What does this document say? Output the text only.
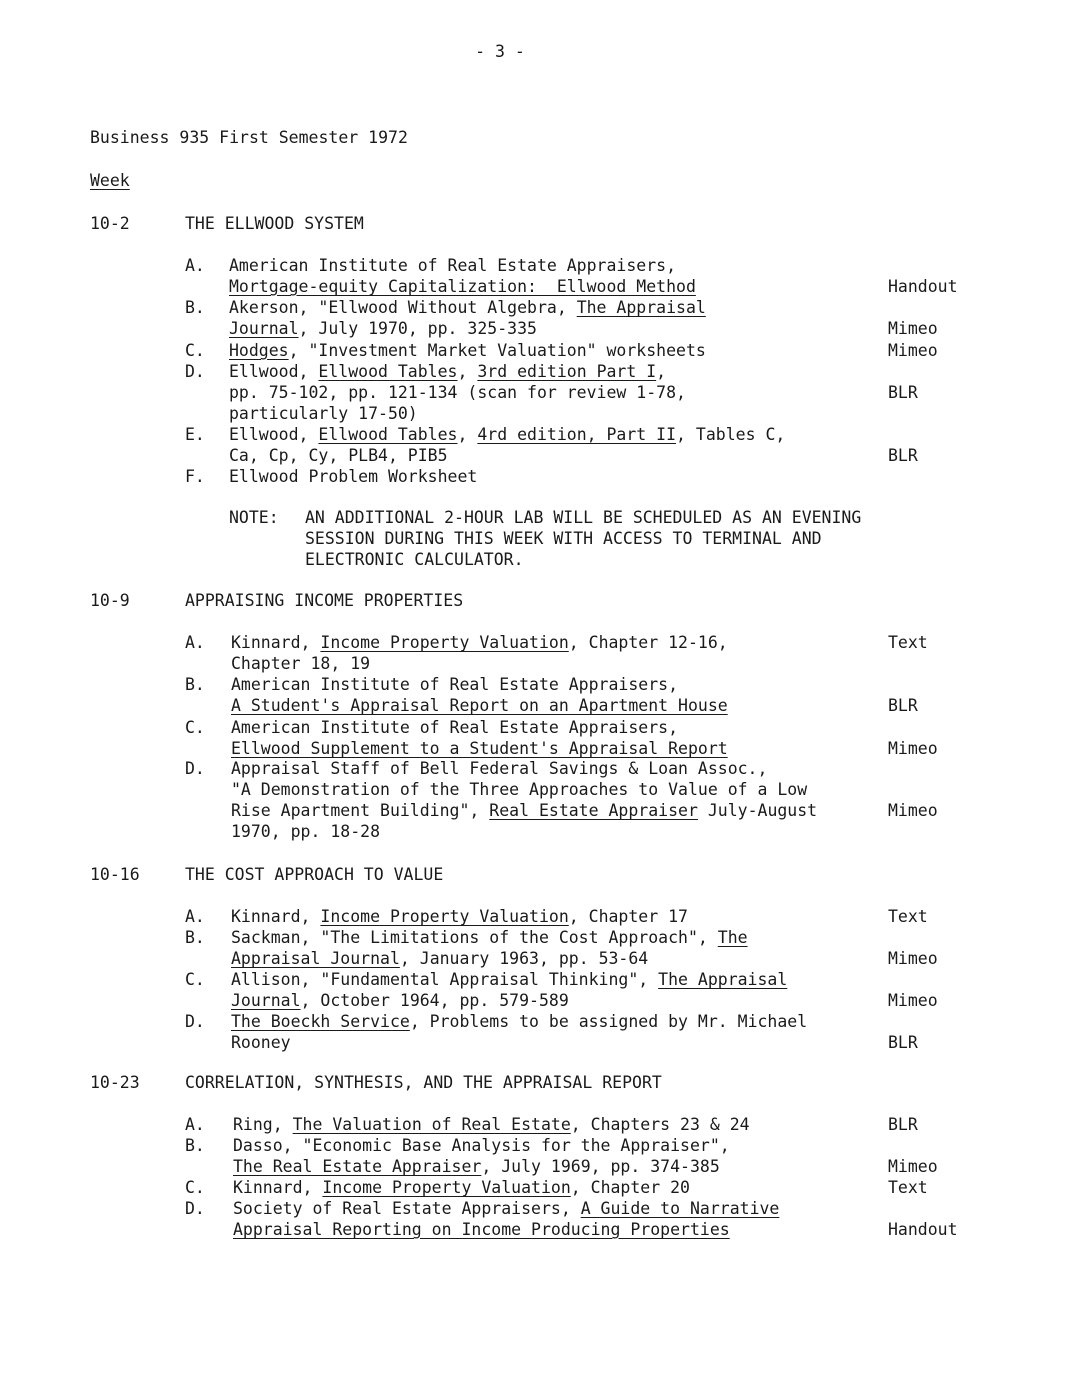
- 3 -
Business 935 First Semester 1972
Week
10-2	THE ELLWOOD SYSTEM
A. American Institute of Real Estate Appraisers,
Mortgage-equity Capitalization:  Ellwood Method	Handout
B. Akerson, "Ellwood Without Algebra, The Appraisal
Journal, July 1970, pp. 325-335	Mimeo
C. Hodges, "Investment Market Valuation" worksheets	Mimeo
D. Ellwood, Ellwood Tables, 3rd edition Part I,
pp. 75-102, pp. 121-134 (scan for review 1-78,	BLR
particularly 17-50)
E. Ellwood, Ellwood Tables, 4rd edition, Part II, Tables C,
Ca, Cp, Cy, PLB4, PIB5	BLR
F. Ellwood Problem Worksheet
10-9	APPRAISING INCOME PROPERTIES
A. Kinnard, Income Property Valuation, Chapter 12-16,	Text
Chapter 18, 19
B. American Institute of Real Estate Appraisers,
A Student's Appraisal Report on an Apartment House	BLR
C. American Institute of Real Estate Appraisers,
Ellwood Supplement to a Student's Appraisal Report	Mimeo
D. Appraisal Staff of Bell Federal Savings & Loan Assoc.,
"A Demonstration of the Three Approaches to Value of a Low
Rise Apartment Building", Real Estate Appraiser July-August	Mimeo
1970, pp. 18-28
10-16	THE COST APPROACH TO VALUE
A. Kinnard, Income Property Valuation, Chapter 17	Text
B. Sackman, "The Limitations of the Cost Approach", The
Appraisal Journal, January 1963, pp. 53-64	Mimeo
C. Allison, "Fundamental Appraisal Thinking", The Appraisal
Journal, October 1964, pp. 579-589	Mimeo
D. The Boeckh Service, Problems to be assigned by Mr. Michael
Rooney	BLR
10-23	CORRELATION, SYNTHESIS, AND THE APPRAISAL REPORT
A. Ring, The Valuation of Real Estate, Chapters 23 & 24	BLR
B. Dasso, "Economic Base Analysis for the Appraiser",
The Real Estate Appraiser, July 1969, pp. 374-385	Mimeo
C. Kinnard, Income Property Valuation, Chapter 20	Text
D. Society of Real Estate Appraisers, A Guide to Narrative
Appraisal Reporting on Income Producing Properties	Handout
NOTE: AN ADDITIONAL 2-HOUR LAB WILL BE SCHEDULED AS AN EVENING
SESSION DURING THIS WEEK WITH ACCESS TO TERMINAL AND
ELECTRONIC CALCULATOR.
